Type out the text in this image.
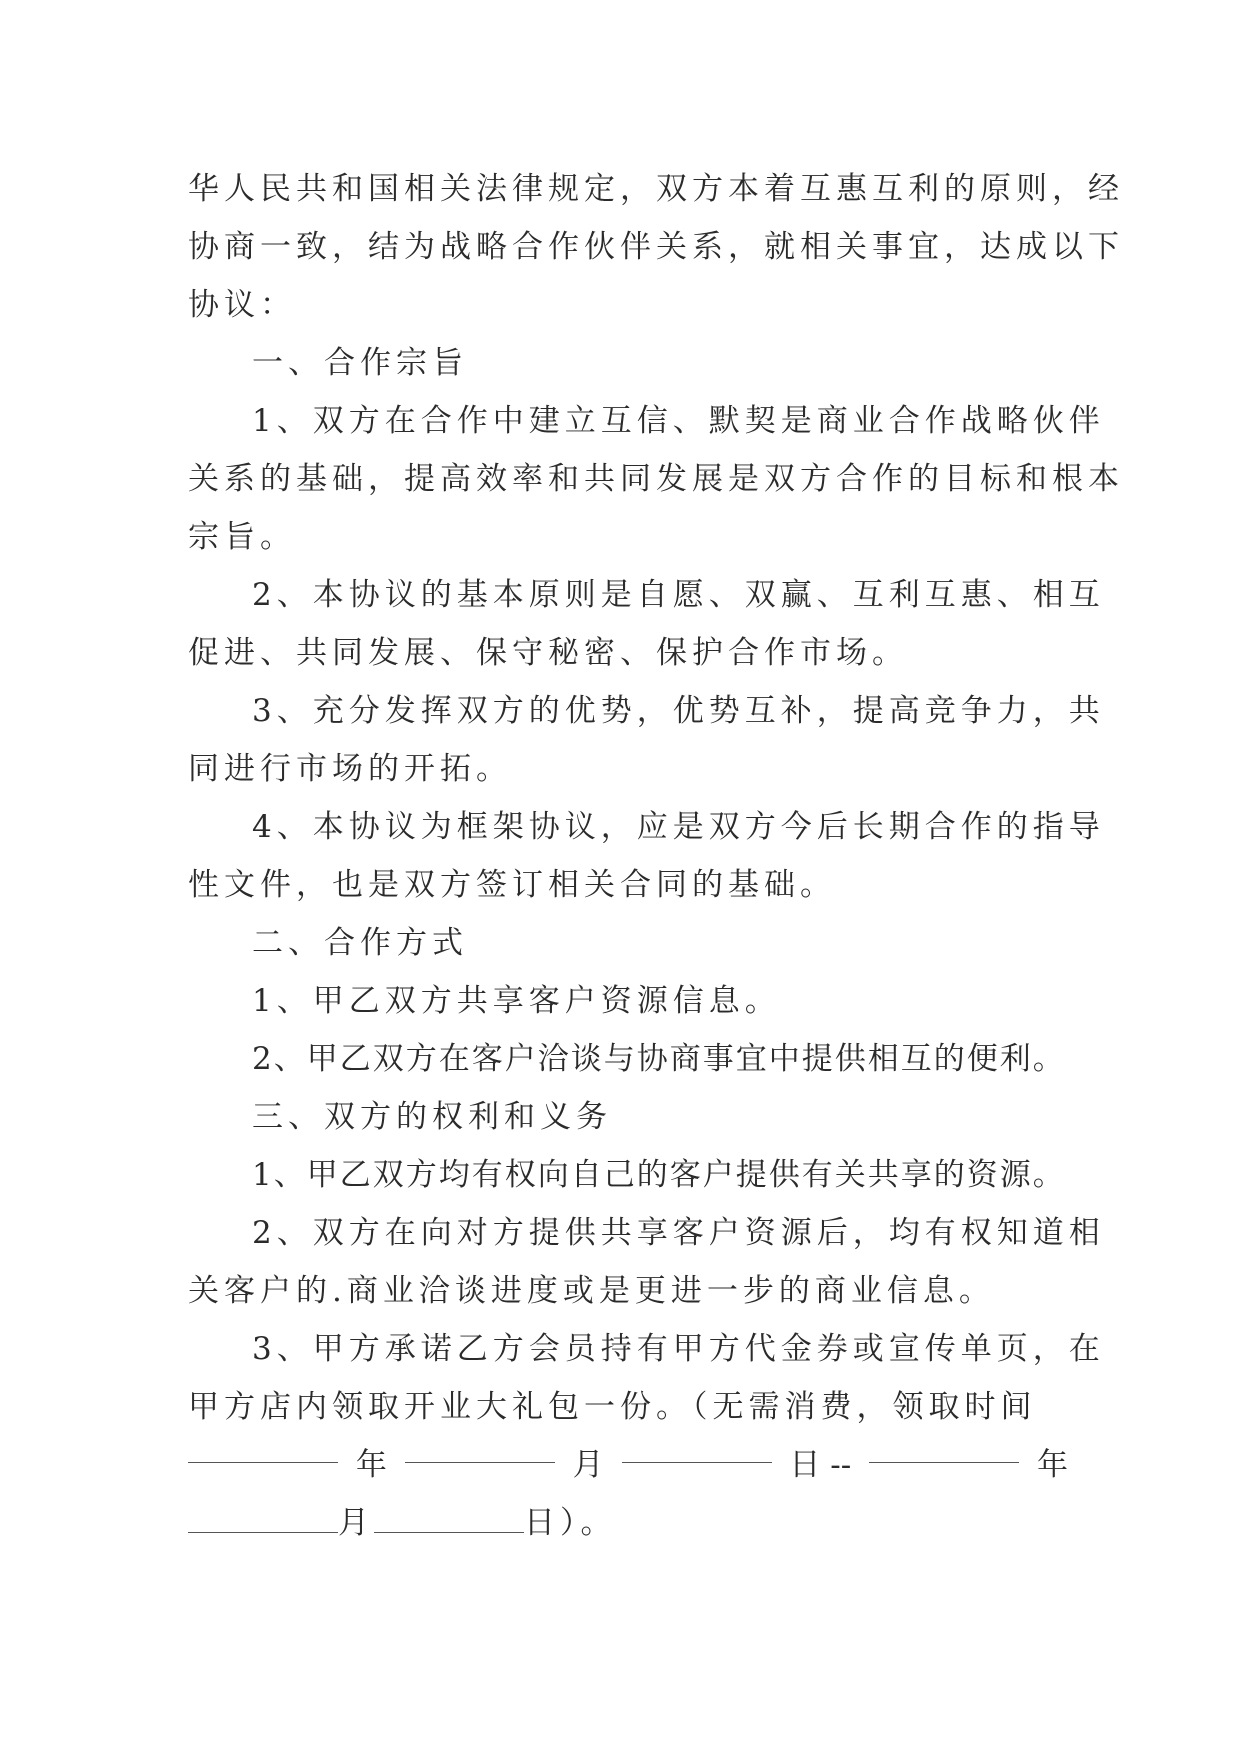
华人民共和国相关法律规定，双方本着互惠互利的原则，经

协商一致，结为战略合作伙伴关系，就相关事宜，达成以下

协议：

一、合作宗旨

1、双方在合作中建立互信、默契是商业合作战略伙伴

关系的基础，提高效率和共同发展是双方合作的目标和根本

宗旨。

2、本协议的基本原则是自愿、双赢、互利互惠、相互

促进、共同发展、保守秘密、保护合作市场。

3、充分发挥双方的优势，优势互补，提高竞争力，共

同进行市场的开拓。

4、本协议为框架协议，应是双方今后长期合作的指导

性文件，也是双方签订相关合同的基础。

二、合作方式

1、甲乙双方共享客户资源信息。

2、甲乙双方在客户洽谈与协商事宜中提供相互的便利。

三、双方的权利和义务

1、甲乙双方均有权向自己的客户提供有关共享的资源。

2、双方在向对方提供共享客户资源后，均有权知道相

关客户的.商业洽谈进度或是更进一步的商业信息。

3、甲方承诺乙方会员持有甲方代金券或宣传单页，在

甲方店内领取开业大礼包一份。（无需消费，领取时间

年	月	日 --	年
月	日）。
